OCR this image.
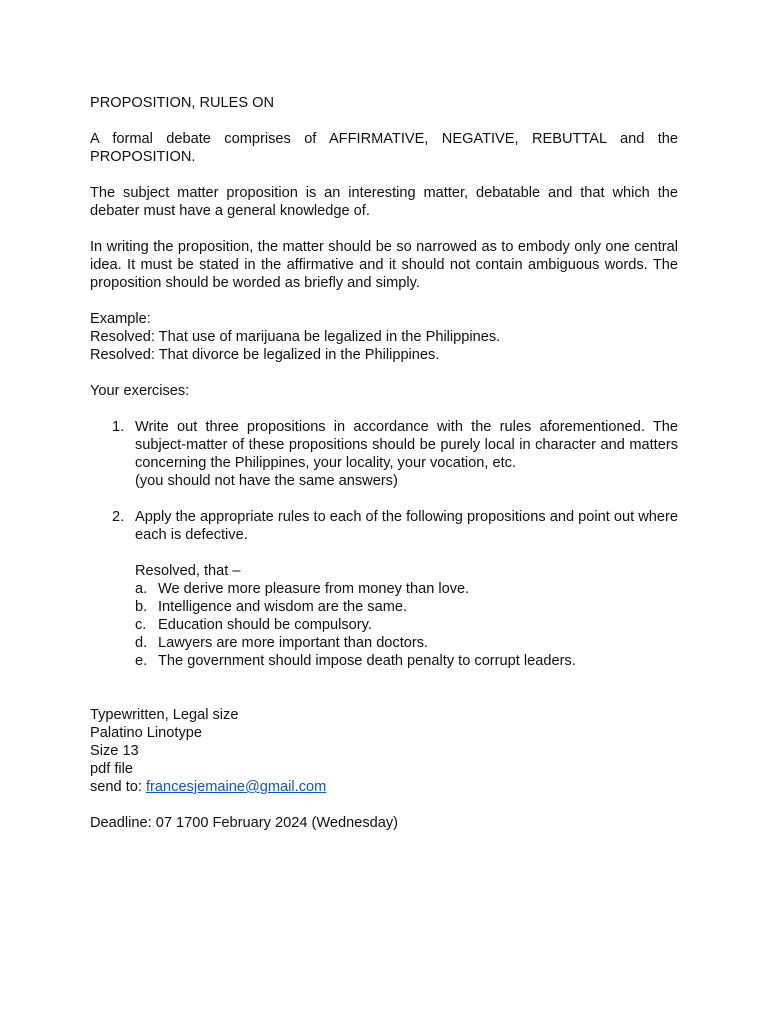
PROPOSITION, RULES ON

A formal debate comprises of AFFIRMATIVE, NEGATIVE, REBUTTAL and the PROPOSITION.

The subject matter proposition is an interesting matter, debatable and that which the debater must have a general knowledge of.

In writing the proposition, the matter should be so narrowed as to embody only one central idea. It must be stated in the affirmative and it should not contain ambiguous words. The proposition should be worded as briefly and simply.

Example:

Resolved: That use of marijuana be legalized in the Philippines.

Resolved: That divorce be legalized in the Philippines.

Your exercises:

1. Write out three propositions in accordance with the rules aforementioned. The subject-matter of these propositions should be purely local in character and matters concerning the Philippines, your locality, your vocation, etc.

(you should not have the same answers)

2. Apply the appropriate rules to each of the following propositions and point out where each is defective.

Resolved, that –

a. We derive more pleasure from money than love.
b. Intelligence and wisdom are the same.
c. Education should be compulsory.
d. Lawyers are more important than doctors.
e. The government should impose death penalty to corrupt leaders.

Typewritten, Legal size

Palatino Linotype

Size 13

pdf file

send to: francesjemaine@gmail.com

Deadline: 07 1700 February 2024 (Wednesday)
